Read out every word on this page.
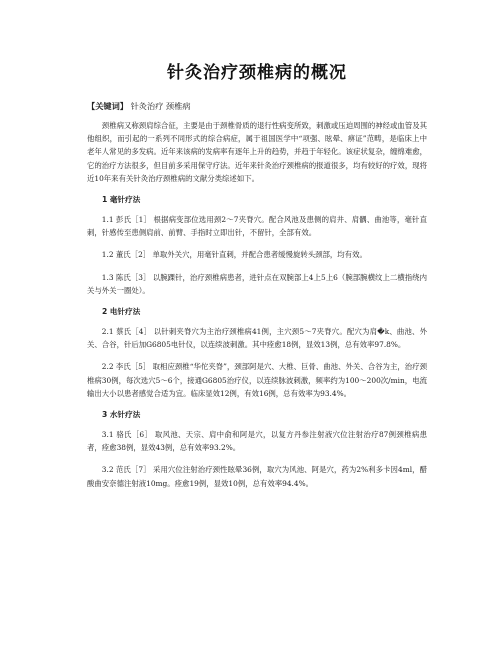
针灸治疗颈椎病的概况

【关键词】 针灸治疗 颈椎病

颈椎病又称颈肩综合征，主要是由于颈椎骨质的退行性病变所致，刺激或压迫周围的神经或血管及其他组织，而引起的一系列不同形式的综合病症，属于祖国医学中“项强、眩晕、痹证”范畴，是临床上中老年人常见的多发病。近年来该病的发病率有逐年上升的趋势，并趋于年轻化。该症状复杂，缠绵难愈，它的治疗方法很多，但目前多采用保守疗法。近年来针灸治疗颈椎病的报道很多，均有较好的疗效，现将近10年来有关针灸治疗颈椎病的文献分类综述如下。

1 毫针疗法

1.1 彭氏［1］ 根据病变部位选用颈2～7夹脊穴。配合风池及患侧的肩井、肩髃、曲池等，毫针直刺，针感传至患侧肩前、前臂、手指时立即出针，不留针，全部有效。

1.2 董氏［2］ 单取外关穴，用毫针直刺，并配合患者缓慢旋转头颈部，均有效。

1.3 陈氏［3］ 以腕踝针，治疗颈椎病患者，进针点在双腕部上4上5上6（腕部腕横纹上二横指绕内关与外关一圈处）。

2 电针疗法

2.1 蔡氏［4］ 以针刺夹脊穴为主治疗颈椎病41例，主穴颈5～7夹脊穴。配穴为肩�k、曲池、外关、合谷，针后加G6805电针仪，以连续波刺激。其中痊愈18例，显效13例，总有效率97.8%。

2.2 李氏［5］ 取相应颈椎“华佗夹脊”，颈部阿是穴、大椎、巨骨、曲池、外关、合谷为主，治疗颈椎病30例，每次选穴5～6个，接通G6805治疗仪，以连续脉波刺激，频率约为100～200次/min，电流输出大小以患者感觉合适为宜。临床显效12例，有效16例，总有效率为93.4%。

3 水针疗法

3.1 骆氏［6］ 取风池、天宗、肩中俞和阿是穴，以复方丹参注射液穴位注射治疗87例颈椎病患者，痊愈38例，显效43例，总有效率93.2%。

3.2 范氏［7］ 采用穴位注射治疗颈性眩晕36例，取穴为风池、阿是穴，药为2%利多卡因4ml，醋酸曲安奈德注射液10mg。痊愈19例，显效10例，总有效率94.4%。
